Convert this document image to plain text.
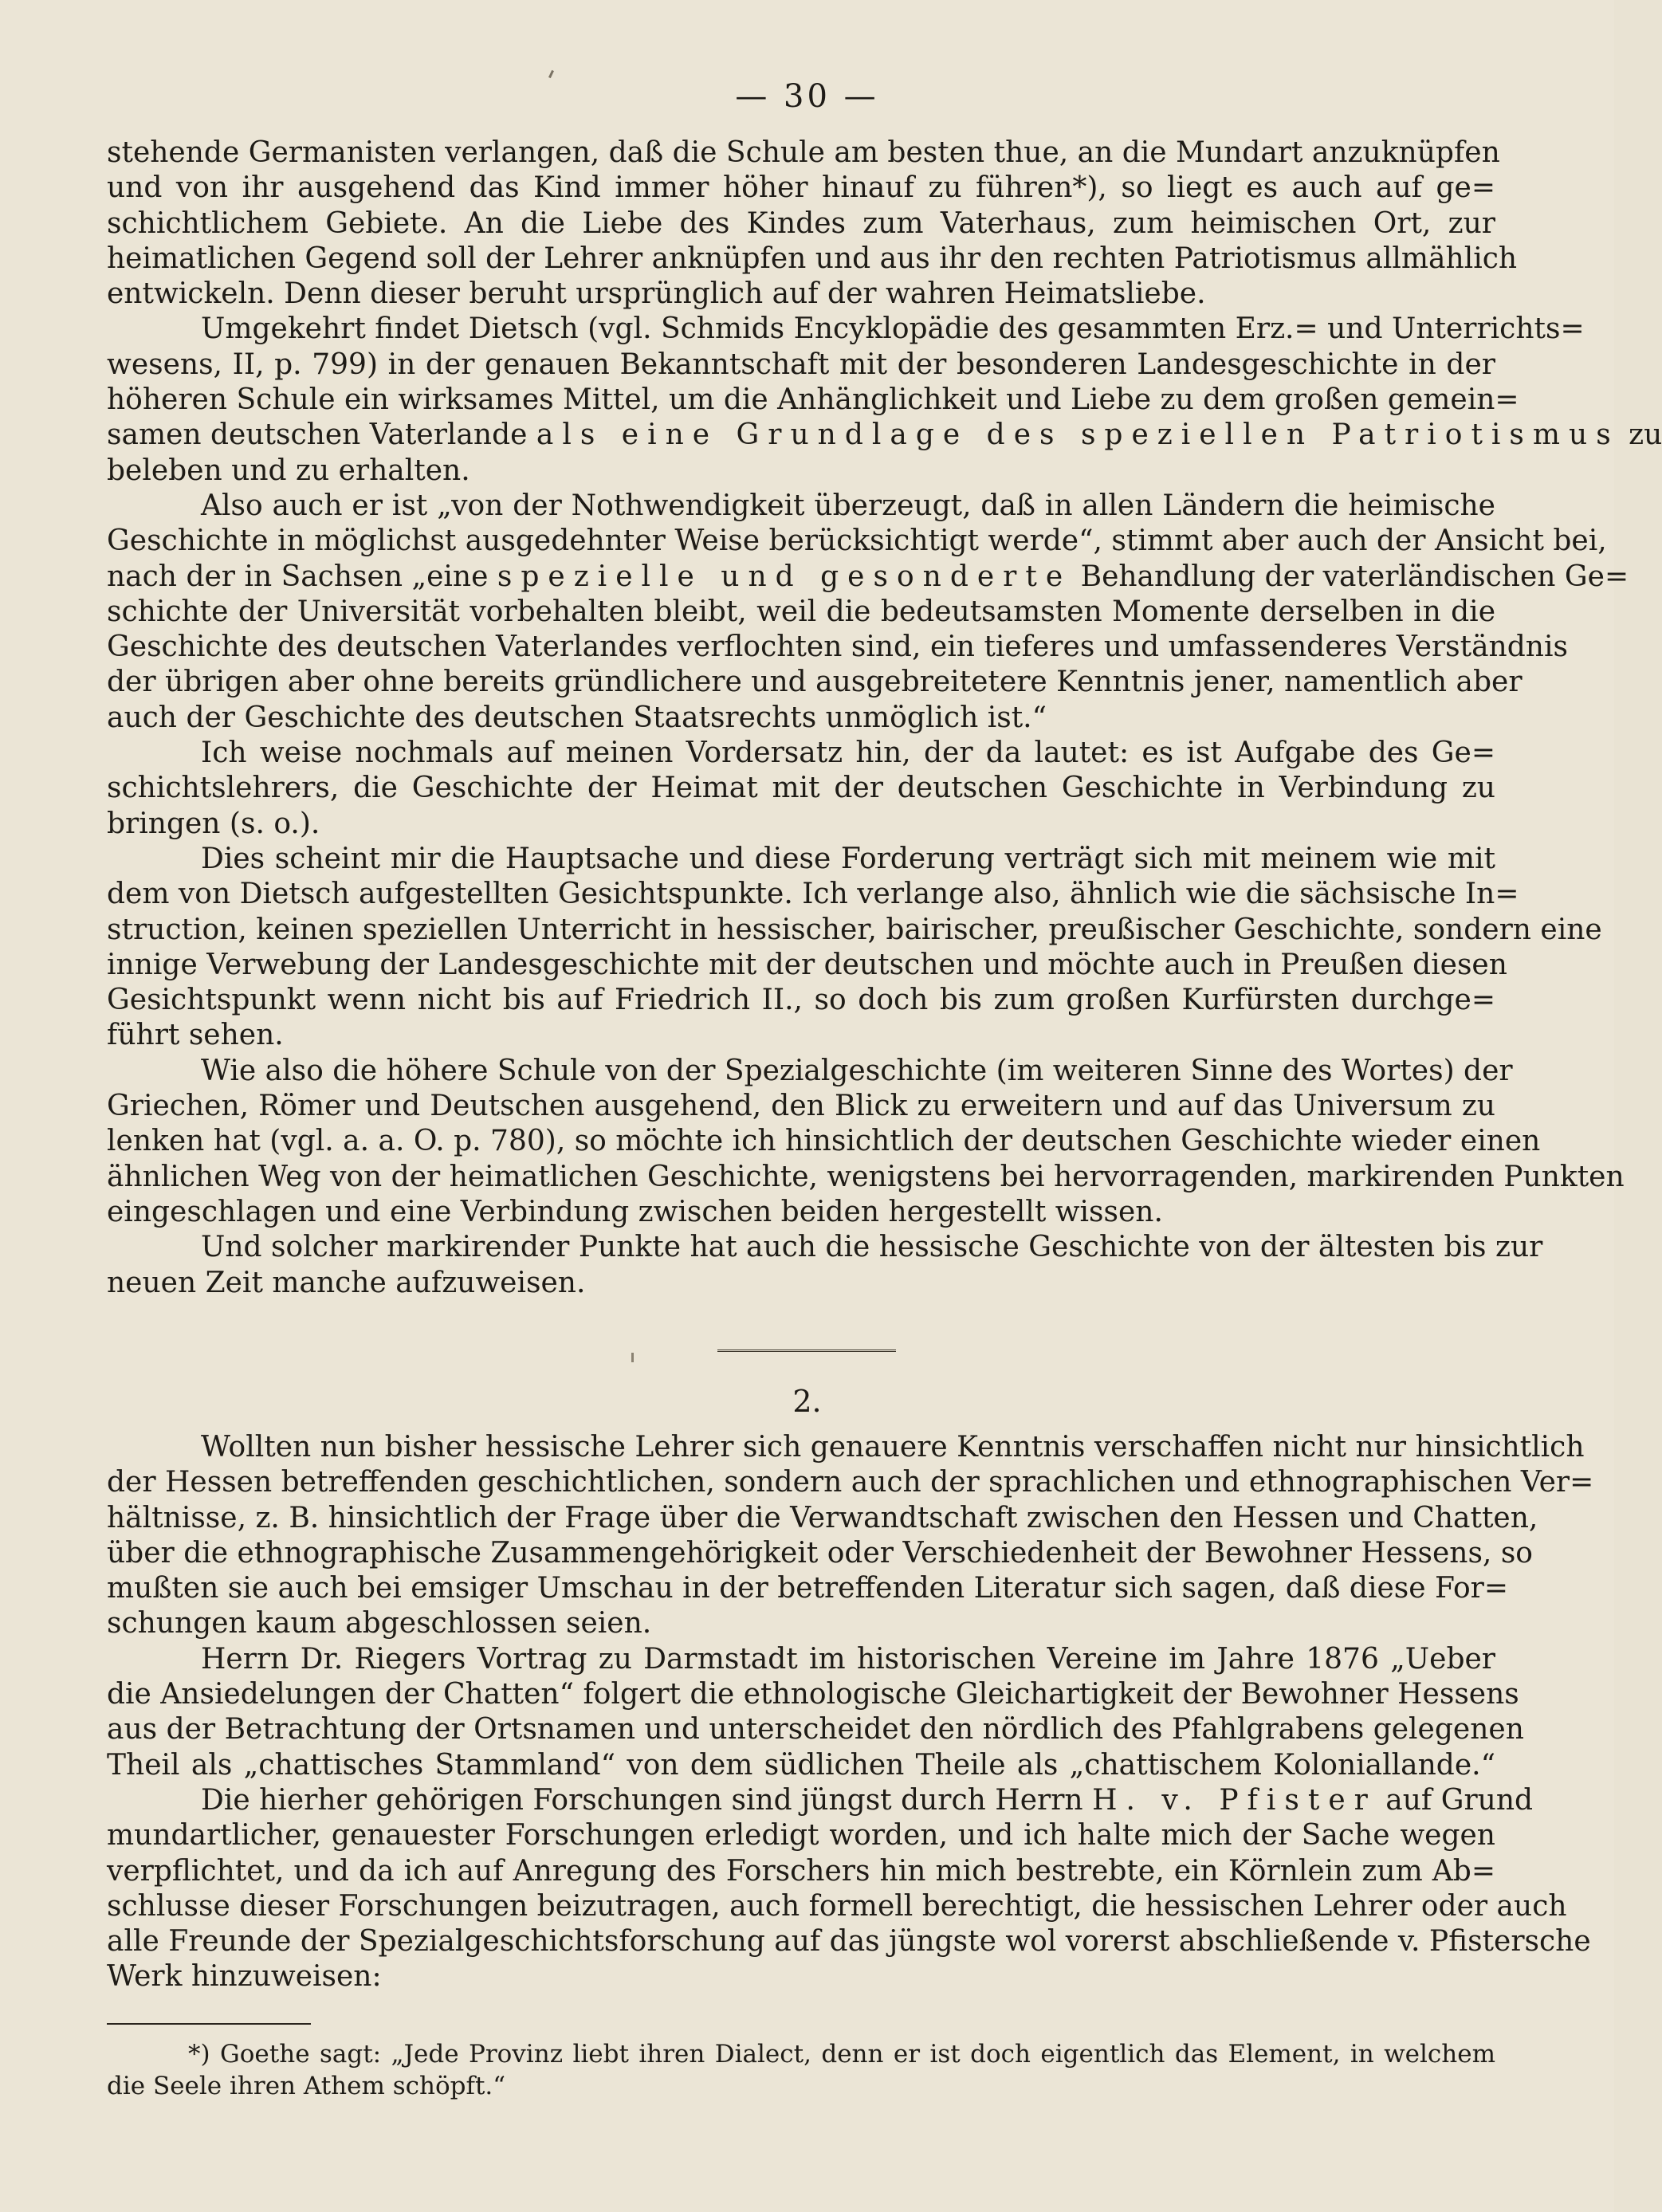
— 30 —
stehende Germanisten verlangen, daß die Schule am besten thue, an die Mundart anzuknüpfen
und von ihr ausgehend das Kind immer höher hinauf zu führen*), so liegt es auch auf ge=
schichtlichem Gebiete. An die Liebe des Kindes zum Vaterhaus, zum heimischen Ort, zur
heimatlichen Gegend soll der Lehrer anknüpfen und aus ihr den rechten Patriotismus allmählich
entwickeln. Denn dieser beruht ursprünglich auf der wahren Heimatsliebe.
Umgekehrt findet Dietsch (vgl. Schmids Encyklopädie des gesammten Erz.= und Unterrichts=
wesens, II, p. 799) in der genauen Bekanntschaft mit der besonderen Landesgeschichte in der
höheren Schule ein wirksames Mittel, um die Anhänglichkeit und Liebe zu dem großen gemein=
samen deutschen Vaterlande als eine Grundlage des speziellen Patriotismus zu
beleben und zu erhalten.
Also auch er ist „von der Nothwendigkeit überzeugt, daß in allen Ländern die heimische
Geschichte in möglichst ausgedehnter Weise berücksichtigt werde“, stimmt aber auch der Ansicht bei,
nach der in Sachsen „eine spezielle und gesonderte Behandlung der vaterländischen Ge=
schichte der Universität vorbehalten bleibt, weil die bedeutsamsten Momente derselben in die
Geschichte des deutschen Vaterlandes verflochten sind, ein tieferes und umfassenderes Verständnis
der übrigen aber ohne bereits gründlichere und ausgebreitetere Kenntnis jener, namentlich aber
auch der Geschichte des deutschen Staatsrechts unmöglich ist.“
Ich weise nochmals auf meinen Vordersatz hin, der da lautet: es ist Aufgabe des Ge=
schichtslehrers, die Geschichte der Heimat mit der deutschen Geschichte in Verbindung zu
bringen (s. o.).
Dies scheint mir die Hauptsache und diese Forderung verträgt sich mit meinem wie mit
dem von Dietsch aufgestellten Gesichtspunkte. Ich verlange also, ähnlich wie die sächsische In=
struction, keinen speziellen Unterricht in hessischer, bairischer, preußischer Geschichte, sondern eine
innige Verwebung der Landesgeschichte mit der deutschen und möchte auch in Preußen diesen
Gesichtspunkt wenn nicht bis auf Friedrich II., so doch bis zum großen Kurfürsten durchge=
führt sehen.
Wie also die höhere Schule von der Spezialgeschichte (im weiteren Sinne des Wortes) der
Griechen, Römer und Deutschen ausgehend, den Blick zu erweitern und auf das Universum zu
lenken hat (vgl. a. a. O. p. 780), so möchte ich hinsichtlich der deutschen Geschichte wieder einen
ähnlichen Weg von der heimatlichen Geschichte, wenigstens bei hervorragenden, markirenden Punkten
eingeschlagen und eine Verbindung zwischen beiden hergestellt wissen.
Und solcher markirender Punkte hat auch die hessische Geschichte von der ältesten bis zur
neuen Zeit manche aufzuweisen.
2.
Wollten nun bisher hessische Lehrer sich genauere Kenntnis verschaffen nicht nur hinsichtlich
der Hessen betreffenden geschichtlichen, sondern auch der sprachlichen und ethnographischen Ver=
hältnisse, z. B. hinsichtlich der Frage über die Verwandtschaft zwischen den Hessen und Chatten,
über die ethnographische Zusammengehörigkeit oder Verschiedenheit der Bewohner Hessens, so
mußten sie auch bei emsiger Umschau in der betreffenden Literatur sich sagen, daß diese For=
schungen kaum abgeschlossen seien.
Herrn Dr. Riegers Vortrag zu Darmstadt im historischen Vereine im Jahre 1876 „Ueber
die Ansiedelungen der Chatten“ folgert die ethnologische Gleichartigkeit der Bewohner Hessens
aus der Betrachtung der Ortsnamen und unterscheidet den nördlich des Pfahlgrabens gelegenen
Theil als „chattisches Stammland“ von dem südlichen Theile als „chattischem Koloniallande.“
Die hierher gehörigen Forschungen sind jüngst durch Herrn H. v. Pfister auf Grund
mundartlicher, genauester Forschungen erledigt worden, und ich halte mich der Sache wegen
verpflichtet, und da ich auf Anregung des Forschers hin mich bestrebte, ein Körnlein zum Ab=
schlusse dieser Forschungen beizutragen, auch formell berechtigt, die hessischen Lehrer oder auch
alle Freunde der Spezialgeschichtsforschung auf das jüngste wol vorerst abschließende v. Pfistersche
Werk hinzuweisen:
*) Goethe sagt: „Jede Provinz liebt ihren Dialect, denn er ist doch eigentlich das Element, in welchem
die Seele ihren Athem schöpft.“
